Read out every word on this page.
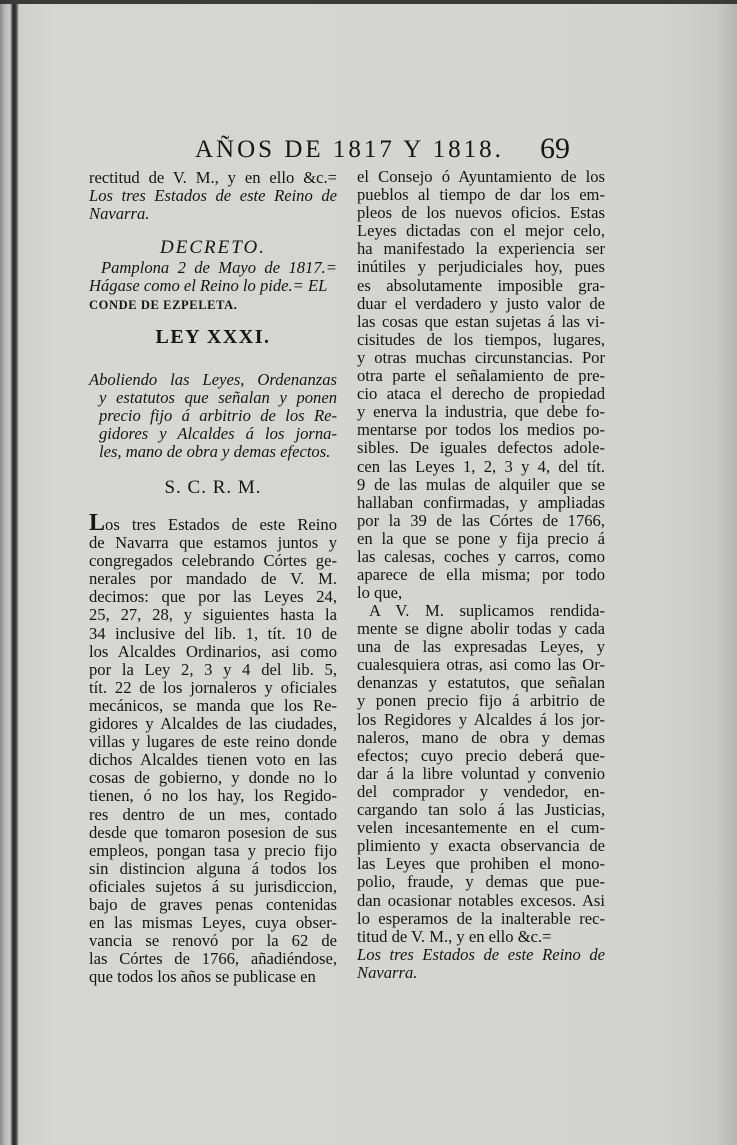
AÑOS DE 1817 Y 1818. 69
rectitud de V. M., y en ello &c.=
Los tres Estados de este Reino de
Navarra.
DECRETO.
Pamplona 2 de Mayo de 1817.=
Hágase como el Reino lo pide.= EL
CONDE DE EZPELETA.
LEY XXXI.
Aboliendo las Leyes, Ordenanzas
y estatutos que señalan y ponen
precio fijo á arbitrio de los Re-
gidores y Alcaldes á los jorna-
les, mano de obra y demas efectos.
S. C. R. M.
Los tres Estados de este Reino
de Navarra que estamos juntos y
congregados celebrando Córtes ge-
nerales por mandado de V. M.
decimos: que por las Leyes 24,
25, 27, 28, y siguientes hasta la
34 inclusive del lib. 1, tít. 10 de
los Alcaldes Ordinarios, asi como
por la Ley 2, 3 y 4 del lib. 5,
tít. 22 de los jornaleros y oficiales
mecánicos, se manda que los Re-
gidores y Alcaldes de las ciudades,
villas y lugares de este reino donde
dichos Alcaldes tienen voto en las
cosas de gobierno, y donde no lo
tienen, ó no los hay, los Regido-
res dentro de un mes, contado
desde que tomaron posesion de sus
empleos, pongan tasa y precio fijo
sin distincion alguna á todos los
oficiales sujetos á su jurisdiccion,
bajo de graves penas contenidas
en las mismas Leyes, cuya obser-
vancia se renovó por la 62 de
las Córtes de 1766, añadiéndose,
que todos los años se publicase en
el Consejo ó Ayuntamiento de los
pueblos al tiempo de dar los em-
pleos de los nuevos oficios. Estas
Leyes dictadas con el mejor celo,
ha manifestado la experiencia ser
inútiles y perjudiciales hoy, pues
es absolutamente imposible gra-
duar el verdadero y justo valor de
las cosas que estan sujetas á las vi-
cisitudes de los tiempos, lugares,
y otras muchas circunstancias. Por
otra parte el señalamiento de pre-
cio ataca el derecho de propiedad
y enerva la industria, que debe fo-
mentarse por todos los medios po-
sibles. De iguales defectos adole-
cen las Leyes 1, 2, 3 y 4, del tít.
9 de las mulas de alquiler que se
hallaban confirmadas, y ampliadas
por la 39 de las Córtes de 1766,
en la que se pone y fija precio á
las calesas, coches y carros, como
aparece de ella misma; por todo
lo que,
A V. M. suplicamos rendida-
mente se digne abolir todas y cada
una de las expresadas Leyes, y
cualesquiera otras, asi como las Or-
denanzas y estatutos, que señalan
y ponen precio fijo á arbitrio de
los Regidores y Alcaldes á los jor-
naleros, mano de obra y demas
efectos; cuyo precio deberá que-
dar á la libre voluntad y convenio
del comprador y vendedor, en-
cargando tan solo á las Justicias,
velen incesantemente en el cum-
plimiento y exacta observancia de
las Leyes que prohiben el mono-
polio, fraude, y demas que pue-
dan ocasionar notables excesos. Asi
lo esperamos de la inalterable rec-
titud de V. M., y en ello &c.=
Los tres Estados de este Reino de
Navarra.
